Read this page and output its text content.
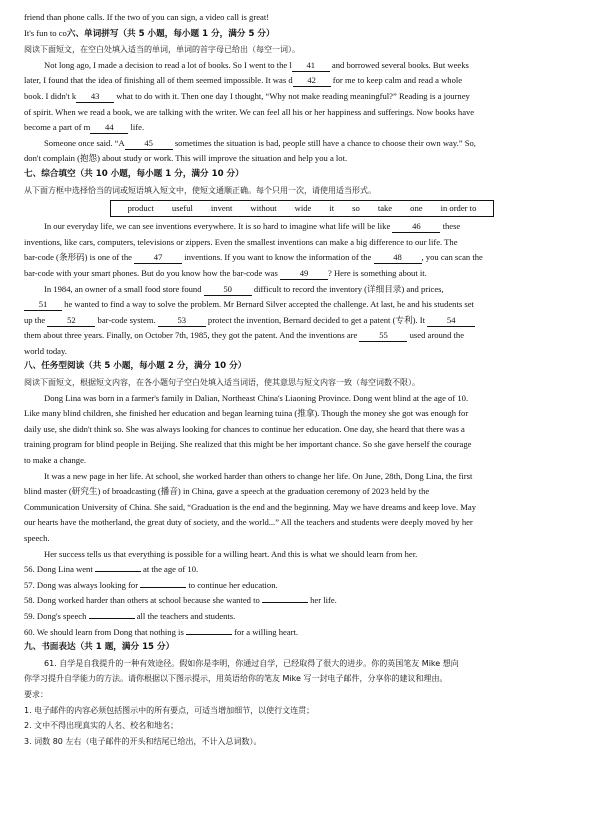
friend than phone calls. If the two of you can sign, a video call is great!
It's fun to co六、单词拼写（共 5 小题，每小题 1 分，满分 5 分）
阅读下面短文，在空白处填入适当的单词，单词的首字母已给出（每空一词）。
Not long ago, I made a decision to read a lot of books. So I went to the l 41 and borrowed several books. But weeks
later, I found that the idea of finishing all of them seemed impossible. It was d 42 for me to keep calm and read a whole
book. I didn't k 43 what to do with it. Then one day I thought, “Why not make reading meaningful?” Reading is a journey
of spirit. When we read a book, we are talking with the writer. We can feel all his or her happiness and sufferings. Now books have
become a part of m 44 life.
Someone once said. “A 45 sometimes the situation is bad, people still have a chance to choose their own way.” So,
don't complain (抱怨) about study or work. This will improve the situation and help you a lot.
七、综合填空（共 10 小题，每小题 1 分，满分 10 分）
从下面方框中选择恰当的词或短语填入短文中，使短文通顺正确。每个只用一次，请使用适当形式。
product	useful	invent	without	wide	it	so	take	one	in order to
In our everyday life, we can see inventions everywhere. It is so hard to imagine what life will be like 46 these
inventions, like cars, computers, televisions or zippers. Even the smallest inventions can make a big difference to our life. The
bar-code (条形码) is one of the 47 inventions. If you want to know the information of the 48 , you can scan the
bar-code with your smart phones. But do you know how the bar-code was 49 ? Here is something about it.
In 1984, an owner of a small food store found 50 difficult to record the inventory (详细目录) and prices,
51 he wanted to find a way to solve the problem. Mr Bernard Silver accepted the challenge. At last, he and his students set
up the 52 bar-code system. 53 protect the invention, Bernard decided to get a patent (专利). It 54
them about three years. Finally, on October 7th, 1985, they got the patent. And the inventions are 55 used around the
world today.
八、任务型阅读（共 5 小题，每小题 2 分，满分 10 分）
阅读下面短文，根据短文内容，在各小题句子空白处填入适当词语，使其意思与短文内容一致（每空词数不限）。
Dong Lina was born in a farmer's family in Dalian, Northeast China's Liaoning Province. Dong went blind at the age of 10.
Like many blind children, she finished her education and began learning tuina (推拿). Though the money she got was enough for
daily use, she didn't think so. She was always looking for chances to continue her education. One day, she heard that there was a
training program for blind people in Beijing. She realized that this might be her important chance. So she gave herself the courage
to make a change.
It was a new page in her life. At school, she worked harder than others to change her life. On June, 28th, Dong Lina, the first
blind master (研究生) of broadcasting (播音) in China, gave a speech at the graduation ceremony of 2023 held by the
Communication University of China. She said, “Graduation is the end and the beginning. May we have dreams and keep love. May
our hearts have the motherland, the great duty of society, and the world...” All the teachers and students were deeply moved by her
speech.
Her success tells us that everything is possible for a willing heart. And this is what we should learn from her.
56. Dong Lina went	at the age of 10.
57. Dong was always looking for	to continue her education.
58. Dong worked harder than others at school because she wanted to	her life.
59. Dong's speech	all the teachers and students.
60. We should learn from Dong that nothing is	for a willing heart.
九、书面表达（共 1 题，满分 15 分）
61. 自学是自我提升的一种有效途径。假如你是李明，你通过自学，已经取得了很大的进步。你的英国笔友 Mike 想向
你学习提升自学能力的方法。请你根据以下图示提示，用英语给你的笔友 Mike 写一封电子邮件，分享你的建议和理由。
要求：
1. 电子邮件的内容必须包括图示中的所有要点，可适当增加细节，以使行文连贯；
2. 文中不得出现真实的人名、校名和地名；
3. 词数 80 左右（电子邮件的开头和结尾已给出，不计入总词数）。
